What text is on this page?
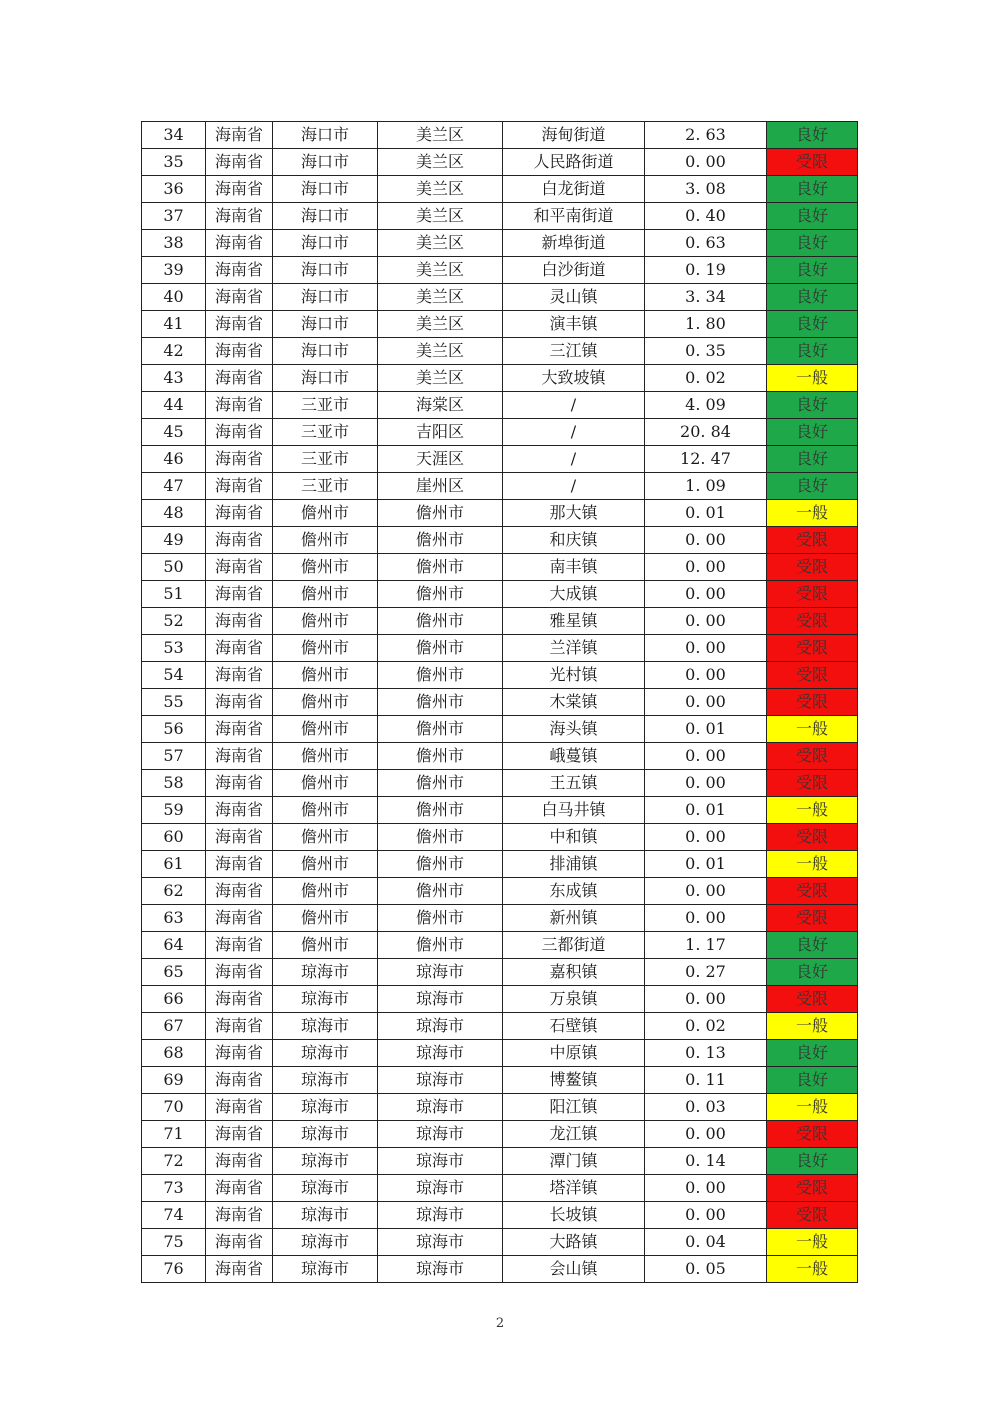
34	海南省	海口市	美兰区	海甸街道	2. 63	良好
35	海南省	海口市	美兰区	人民路街道	0. 00	受限
36	海南省	海口市	美兰区	白龙街道	3. 08	良好
37	海南省	海口市	美兰区	和平南街道	0. 40	良好
38	海南省	海口市	美兰区	新埠街道	0. 63	良好
39	海南省	海口市	美兰区	白沙街道	0. 19	良好
40	海南省	海口市	美兰区	灵山镇	3. 34	良好
41	海南省	海口市	美兰区	演丰镇	1. 80	良好
42	海南省	海口市	美兰区	三江镇	0. 35	良好
43	海南省	海口市	美兰区	大致坡镇	0. 02	一般
44	海南省	三亚市	海棠区	/	4. 09	良好
45	海南省	三亚市	吉阳区	/	20. 84	良好
46	海南省	三亚市	天涯区	/	12. 47	良好
47	海南省	三亚市	崖州区	/	1. 09	良好
48	海南省	儋州市	儋州市	那大镇	0. 01	一般
49	海南省	儋州市	儋州市	和庆镇	0. 00	受限
50	海南省	儋州市	儋州市	南丰镇	0. 00	受限
51	海南省	儋州市	儋州市	大成镇	0. 00	受限
52	海南省	儋州市	儋州市	雅星镇	0. 00	受限
53	海南省	儋州市	儋州市	兰洋镇	0. 00	受限
54	海南省	儋州市	儋州市	光村镇	0. 00	受限
55	海南省	儋州市	儋州市	木棠镇	0. 00	受限
56	海南省	儋州市	儋州市	海头镇	0. 01	一般
57	海南省	儋州市	儋州市	峨蔓镇	0. 00	受限
58	海南省	儋州市	儋州市	王五镇	0. 00	受限
59	海南省	儋州市	儋州市	白马井镇	0. 01	一般
60	海南省	儋州市	儋州市	中和镇	0. 00	受限
61	海南省	儋州市	儋州市	排浦镇	0. 01	一般
62	海南省	儋州市	儋州市	东成镇	0. 00	受限
63	海南省	儋州市	儋州市	新州镇	0. 00	受限
64	海南省	儋州市	儋州市	三都街道	1. 17	良好
65	海南省	琼海市	琼海市	嘉积镇	0. 27	良好
66	海南省	琼海市	琼海市	万泉镇	0. 00	受限
67	海南省	琼海市	琼海市	石壁镇	0. 02	一般
68	海南省	琼海市	琼海市	中原镇	0. 13	良好
69	海南省	琼海市	琼海市	博鳌镇	0. 11	良好
70	海南省	琼海市	琼海市	阳江镇	0. 03	一般
71	海南省	琼海市	琼海市	龙江镇	0. 00	受限
72	海南省	琼海市	琼海市	潭门镇	0. 14	良好
73	海南省	琼海市	琼海市	塔洋镇	0. 00	受限
74	海南省	琼海市	琼海市	长坡镇	0. 00	受限
75	海南省	琼海市	琼海市	大路镇	0. 04	一般
76	海南省	琼海市	琼海市	会山镇	0. 05	一般
2
